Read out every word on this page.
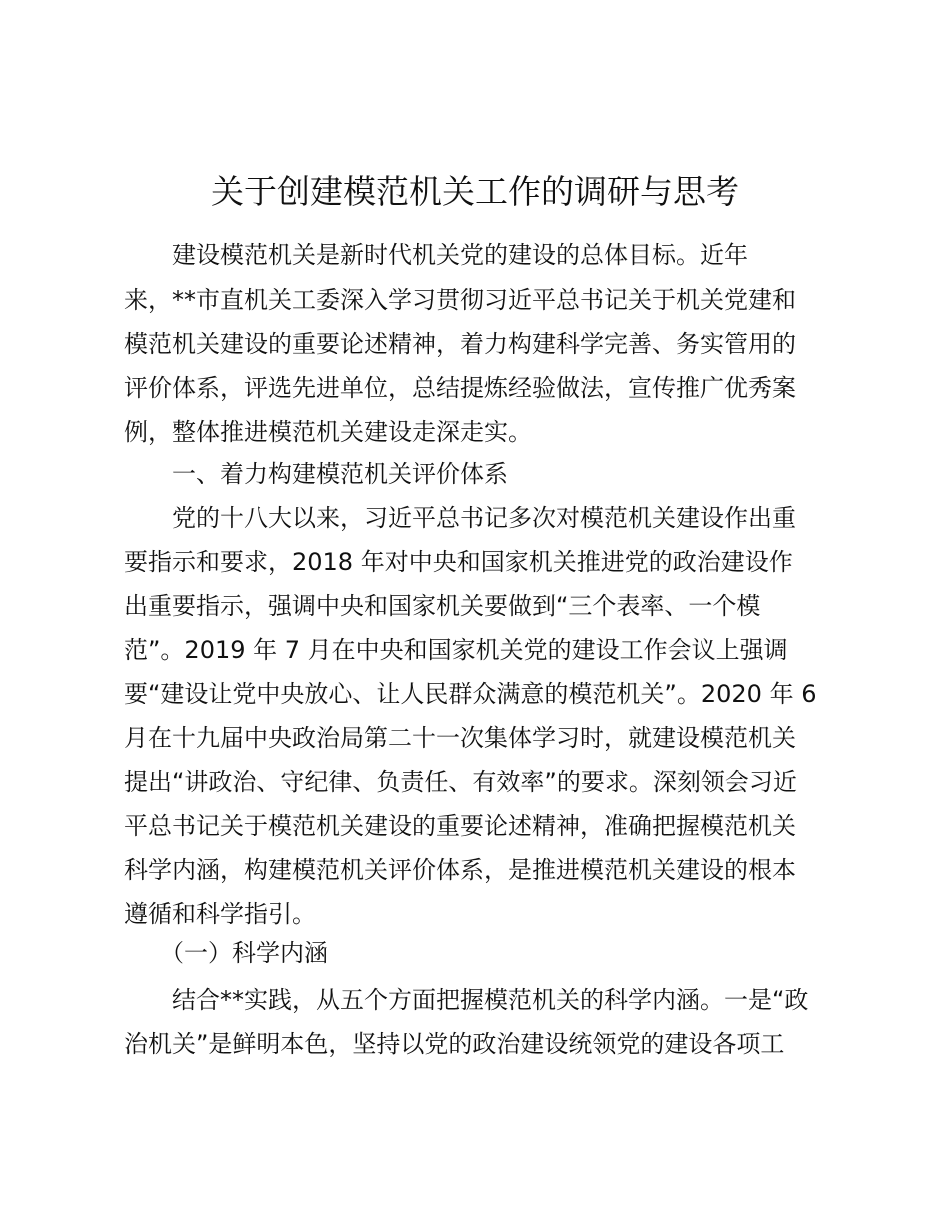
关于创建模范机关工作的调研与思考
　　建设模范机关是新时代机关党的建设的总体目标。近年
来，**市直机关工委深入学习贯彻习近平总书记关于机关党建和
模范机关建设的重要论述精神，着力构建科学完善、务实管用的
评价体系，评选先进单位，总结提炼经验做法，宣传推广优秀案
例，整体推进模范机关建设走深走实。
　　一、着力构建模范机关评价体系
　　党的十八大以来，习近平总书记多次对模范机关建设作出重
要指示和要求，2018 年对中央和国家机关推进党的政治建设作
出重要指示，强调中央和国家机关要做到“三个表率、一个模
范”。2019 年 7 月在中央和国家机关党的建设工作会议上强调
要“建设让党中央放心、让人民群众满意的模范机关”。2020 年 6
月在十九届中央政治局第二十一次集体学习时，就建设模范机关
提出“讲政治、守纪律、负责任、有效率”的要求。深刻领会习近
平总书记关于模范机关建设的重要论述精神，准确把握模范机关
科学内涵，构建模范机关评价体系，是推进模范机关建设的根本
遵循和科学指引。
　　（一）科学内涵
　　结合**实践，从五个方面把握模范机关的科学内涵。一是“政
治机关”是鲜明本色，坚持以党的政治建设统领党的建设各项工
